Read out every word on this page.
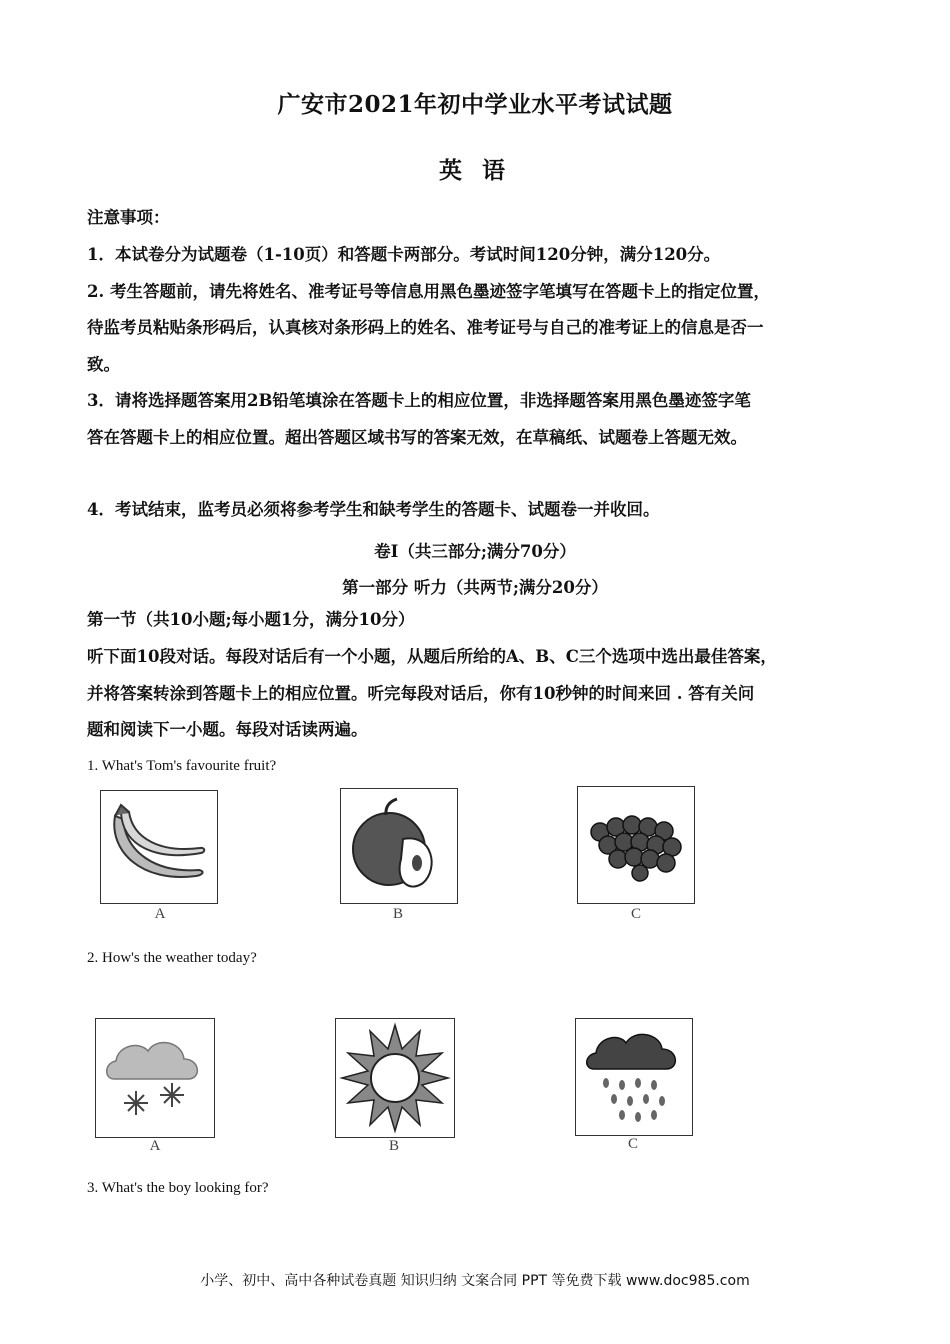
广安市2021年初中学业水平考试试题
英 语
注意事项：
1．本试卷分为试题卷（1-10页）和答题卡两部分。考试时间120分钟，满分120分。
2. 考生答题前，请先将姓名、准考证号等信息用黑色墨迹签字笔填写在答题卡上的指定位置，
待监考员粘贴条形码后，认真核对条形码上的姓名、准考证号与自己的准考证上的信息是否一
致。
3．请将选择题答案用2B铅笔填涂在答题卡上的相应位置，非选择题答案用黑色墨迹签字笔
答在答题卡上的相应位置。超出答题区域书写的答案无效，在草稿纸、试题卷上答题无效。
4．考试结束，监考员必须将参考学生和缺考学生的答题卡、试题卷一并收回。
卷I（共三部分;满分70分）
第一部分 听力（共两节;满分20分）
第一节（共10小题;每小题1分，满分10分）
听下面10段对话。每段对话后有一个小题，从题后所给的A、B、C三个选项中选出最佳答案，
并将答案转涂到答题卡上的相应位置。听完每段对话后，你有10秒钟的时间来回 . 答有关问
题和阅读下一小题。每段对话读两遍。
1. What's Tom's favourite fruit?
A	B	C
2. How's the weather today?
A	B	C
3. What's the boy looking for?
小学、初中、高中各种试卷真题 知识归纳 文案合同 PPT 等免费下载 www.doc985.com
